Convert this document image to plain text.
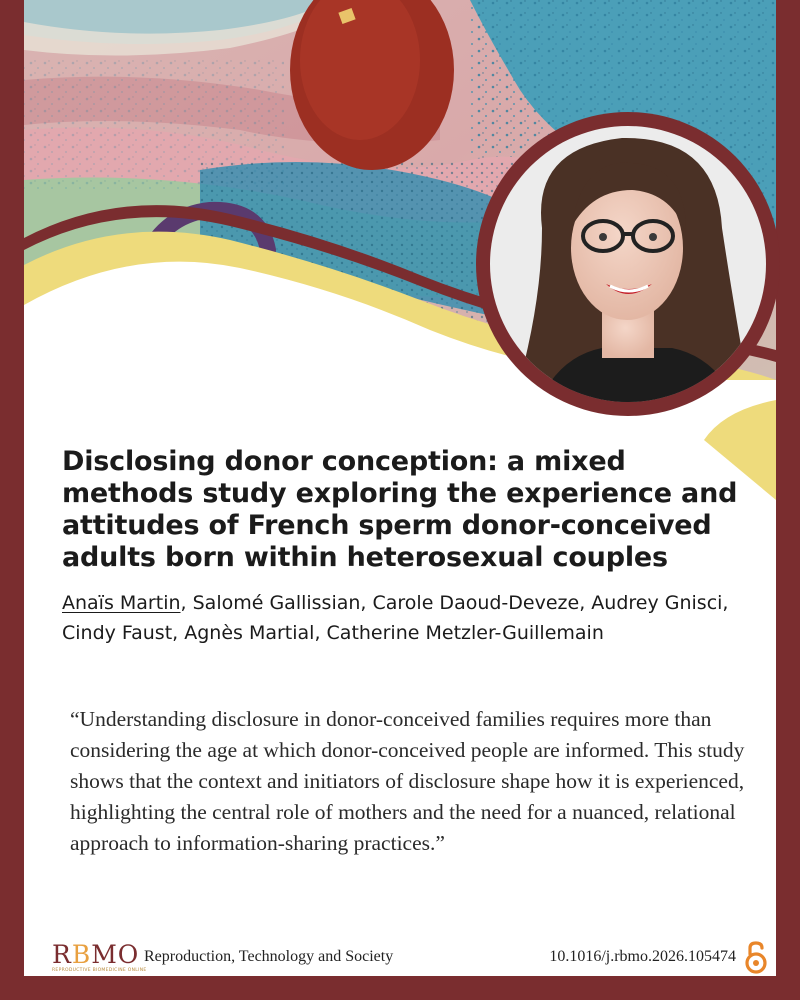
Disclosing donor conception: a mixed methods study exploring the experience and attitudes of French sperm donor-conceived adults born within heterosexual couples

Anaïs Martin, Salomé Gallissian, Carole Daoud-Deveze, Audrey Gnisci, Cindy Faust, Agnès Martial, Catherine Metzler-Guillemain

“Understanding disclosure in donor-conceived families requires more than considering the age at which donor-conceived people are informed. This study shows that the context and initiators of disclosure shape how it is experienced, highlighting the central role of mothers and the need for a nuanced, relational approach to information-sharing practices.”

RBMO
REPRODUCTIVE BIOMEDICINE ONLINE
Reproduction, Technology and Society	10.1016/j.rbmo.2026.105474
